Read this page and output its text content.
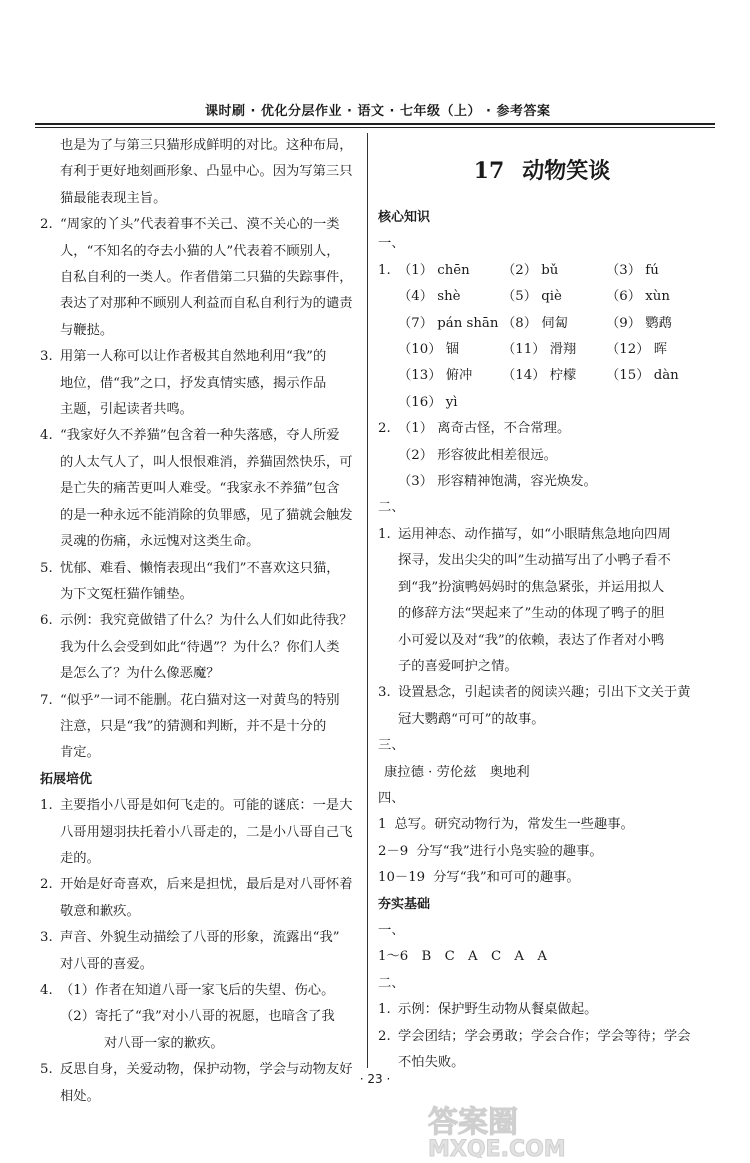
课时刷 · 优化分层作业 · 语文 · 七年级（上） · 参考答案
也是为了与第三只猫形成鲜明的对比。这种布局，
有利于更好地刻画形象、凸显中心。因为写第三只
猫最能表现主旨。
2. “周家的丫头”代表着事不关己、漠不关心的一类
人，“不知名的夺去小猫的人”代表着不顾别人，
自私自利的一类人。作者借第二只猫的失踪事件，
表达了对那种不顾别人利益而自私自利行为的谴责
与鞭挞。
3. 用第一人称可以让作者极其自然地利用“我”的
地位，借“我”之口，抒发真情实感，揭示作品
主题，引起读者共鸣。
4. “我家好久不养猫”包含着一种失落感，夺人所爱
的人太气人了，叫人恨恨难消，养猫固然快乐，可
是亡失的痛苦更叫人难受。“我家永不养猫”包含
的是一种永远不能消除的负罪感，见了猫就会触发
灵魂的伤痛，永远愧对这类生命。
5. 忧郁、难看、懒惰表现出“我们”不喜欢这只猫，
为下文冤枉猫作铺垫。
6. 示例：我究竟做错了什么？为什么人们如此待我？
我为什么会受到如此“待遇”？为什么？你们人类
是怎么了？为什么像恶魔？
7. “似乎”一词不能删。花白猫对这一对黄鸟的特别
注意，只是“我”的猜测和判断，并不是十分的
肯定。
拓展培优
1. 主要指小八哥是如何飞走的。可能的谜底：一是大
八哥用翅羽扶托着小八哥走的，二是小八哥自己飞
走的。
2. 开始是好奇喜欢，后来是担忧，最后是对八哥怀着
敬意和歉疚。
3. 声音、外貌生动描绘了八哥的形象，流露出“我”
对八哥的喜爱。
4. （1）作者在知道八哥一家飞后的失望、伤心。
（2）寄托了“我”对小八哥的祝愿，也暗含了我
对八哥一家的歉疚。
5. 反思自身，关爱动物，保护动物，学会与动物友好
相处。
17 动物笑谈
核心知识
一、
1. （1） chēn	（2） bǔ	（3） fú
（4） shè	（5） qiè	（6） xùn
（7） pán shān （8） 伺匐	（9） 鹦鹉
（10） 锢	（11） 滑翔	（12） 晖
（13） 俯冲	（14） 柠檬	（15） dàn
（16） yì
2. （1） 离奇古怪，不合常理。
（2） 形容彼此相差很远。
（3） 形容精神饱满，容光焕发。
二、
1. 运用神态、动作描写，如“小眼睛焦急地向四周
探寻，发出尖尖的叫”生动描写出了小鸭子看不
到“我”扮演鸭妈妈时的焦急紧张，并运用拟人
的修辞方法“哭起来了”生动的体现了鸭子的胆
小可爱以及对“我”的依赖，表达了作者对小鸭
子的喜爱呵护之情。
3. 设置悬念，引起读者的阅读兴趣；引出下文关于黄
冠大鹦鹉“可可”的故事。
三、
康拉德 · 劳伦兹　奥地利
四、
1 总写。研究动物行为，常发生一些趣事。
2－9 分写“我”进行小凫实验的趣事。
10－19 分写“我”和可可的趣事。
夯实基础
一、
1～6　B　C　A　C　A　A
二、
1. 示例：保护野生动物从餐桌做起。
2. 学会团结；学会勇敢；学会合作；学会等待；学会
不怕失败。
· 23 ·
答案圈
MXQE.COM
